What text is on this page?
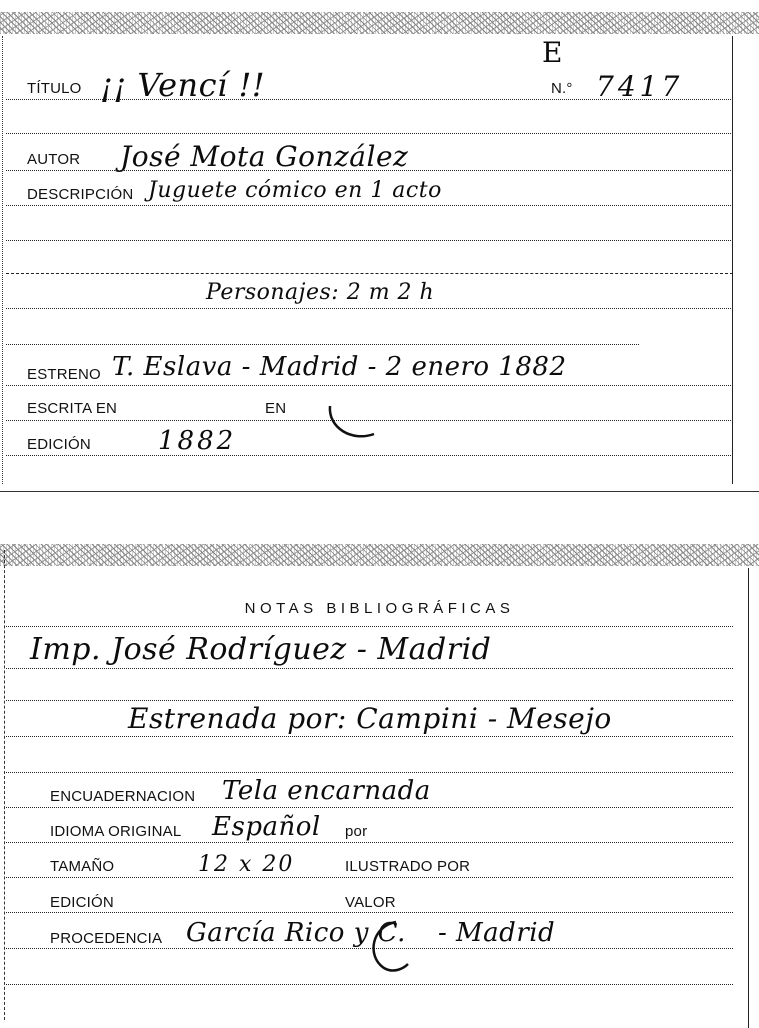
TÍTULO ¡¡ Vencí !!
E
N.° 7417
AUTOR José Mota González
DESCRIPCIÓN Juguete cómico en 1 acto
Personajes: 2 m 2 h
ESTRENO T. Eslava - Madrid - 2 enero 1882
ESCRITA EN	EN
EDICIÓN	1882
NOTAS BIBLIOGRÁFICAS
Imp. José Rodríguez - Madrid
Estrenada por: Campini - Mesejo
ENCUADERNACION Tela encarnada
IDIOMA ORIGINAL Español por
TAMAÑO	12 x 20	ILUSTRADO POR
EDICIÓN	VALOR
PROCEDENCIA García Rico y C. - Madrid
